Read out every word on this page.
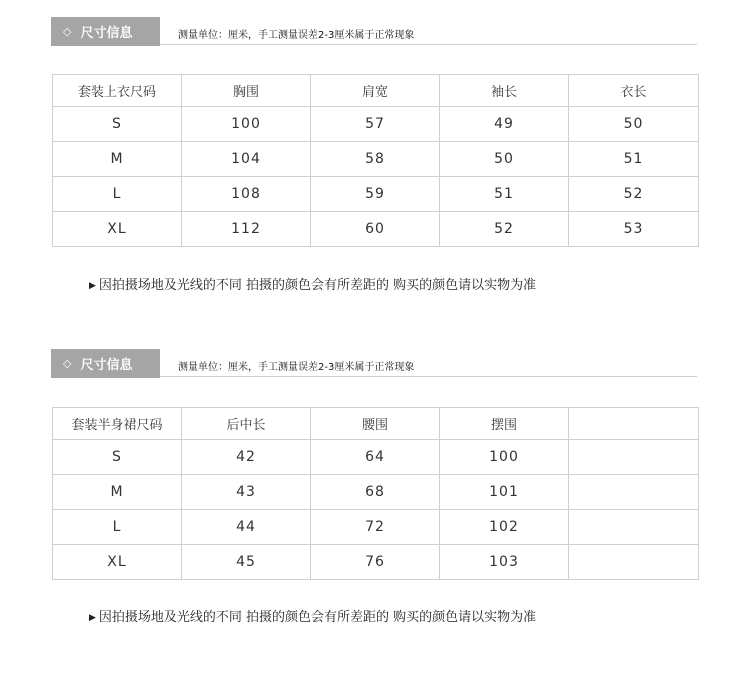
◇ 尺寸信息	测量单位：厘米，手工测量误差2-3厘米属于正常现象
套装上衣尺码	胸围	肩宽	袖长	衣长
S	100	57	49	50
M	104	58	50	51
L	108	59	51	52
XL	112	60	52	53
▶ 因拍摄场地及光线的不同 拍摄的颜色会有所差距的 购买的颜色请以实物为准
◇ 尺寸信息	测量单位：厘米，手工测量误差2-3厘米属于正常现象
套装半身裙尺码	后中长	腰围	摆围	
S	42	64	100	
M	43	68	101	
L	44	72	102	
XL	45	76	103	
▶ 因拍摄场地及光线的不同 拍摄的颜色会有所差距的 购买的颜色请以实物为准
